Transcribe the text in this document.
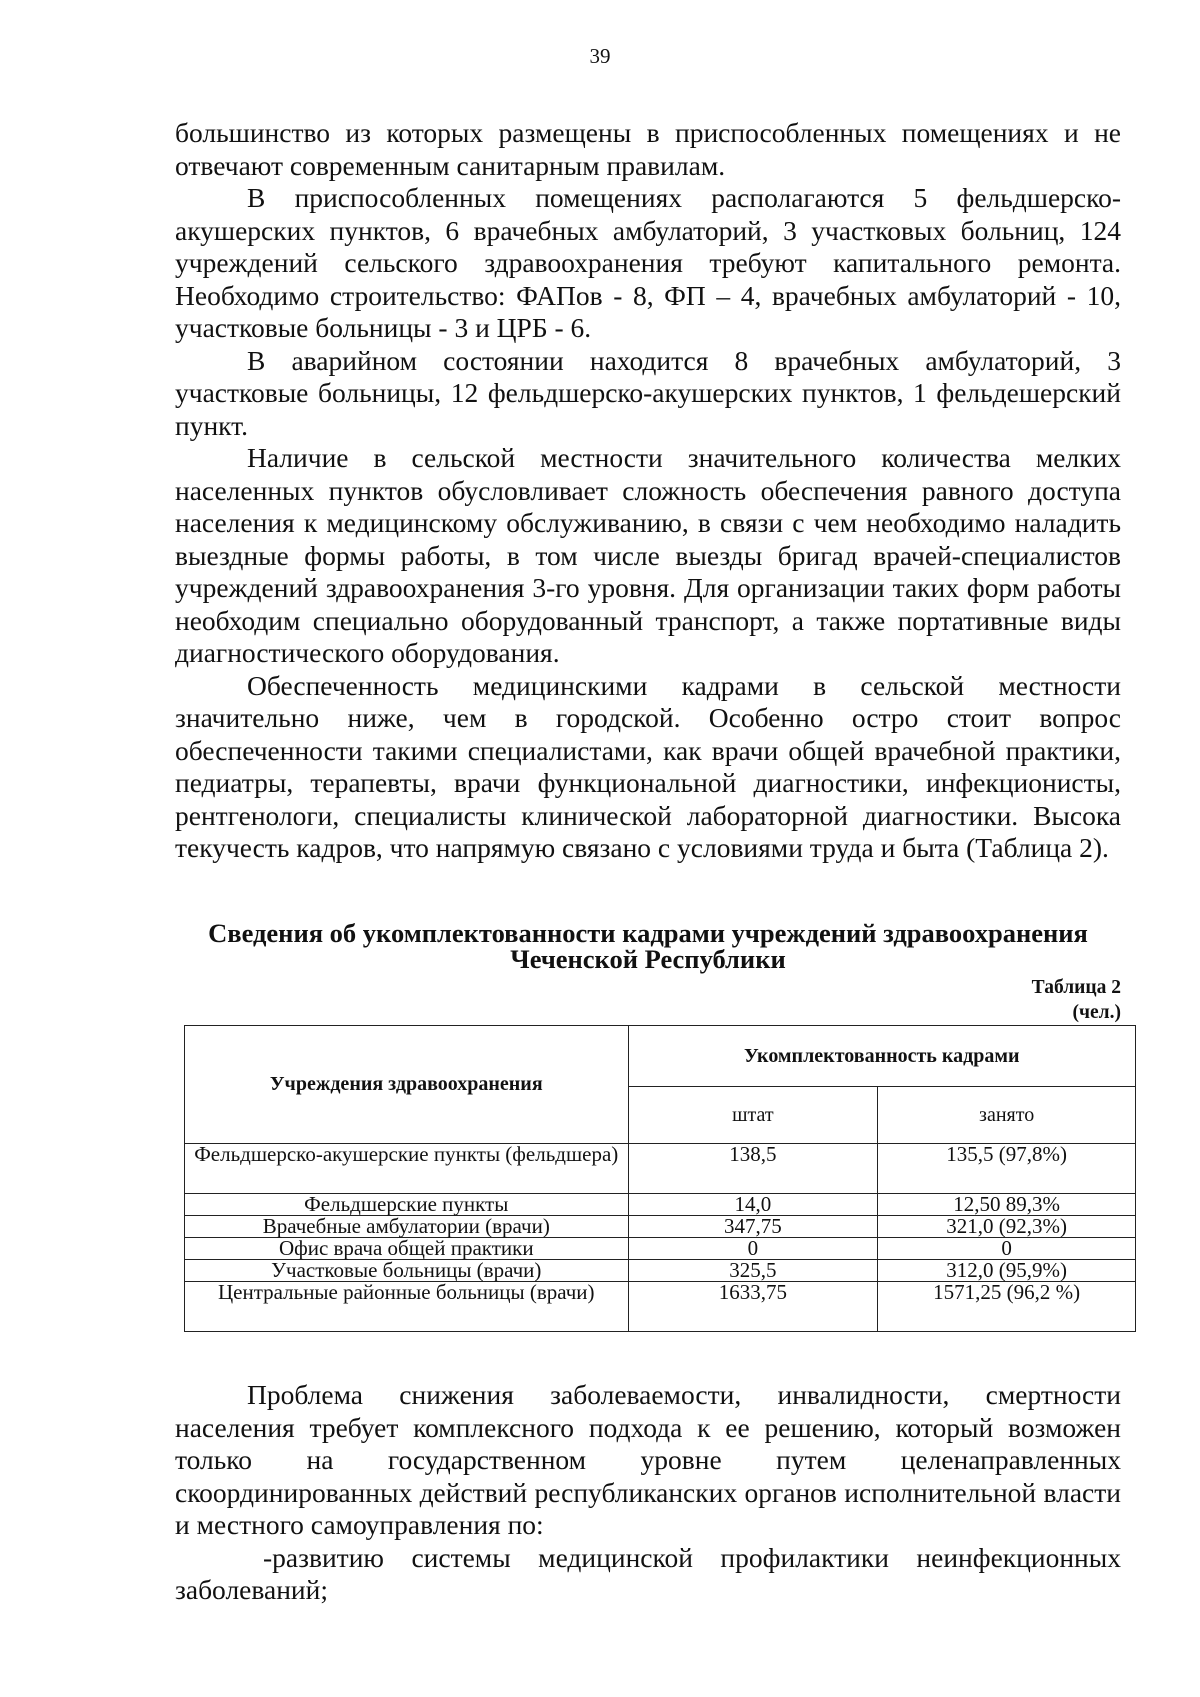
39

большинство из которых размещены в приспособленных помещениях и не отвечают современным санитарным правилам.

В приспособленных помещениях располагаются 5 фельдшерско-акушерских пунктов, 6 врачебных амбулаторий, 3 участковых больниц, 124 учреждений сельского здравоохранения требуют капитального ремонта. Необходимо строительство: ФАПов - 8, ФП – 4, врачебных амбулаторий - 10, участковые больницы - 3 и ЦРБ - 6.

В аварийном состоянии находится 8 врачебных амбулаторий, 3 участковые больницы, 12 фельдшерско-акушерских пунктов, 1 фельдешерский пункт.

Наличие в сельской местности значительного количества мелких населенных пунктов обусловливает сложность обеспечения равного доступа населения к медицинскому обслуживанию, в связи с чем необходимо наладить выездные формы работы, в том числе выезды бригад врачей-специалистов учреждений здравоохранения 3-го уровня. Для организации таких форм работы необходим специально оборудованный транспорт, а также портативные виды диагностического оборудования.

Обеспеченность медицинскими кадрами в сельской местности значительно ниже, чем в городской. Особенно остро стоит вопрос обеспеченности такими специалистами, как врачи общей врачебной практики, педиатры, терапевты, врачи функциональной диагностики, инфекционисты, рентгенологи, специалисты клинической лабораторной диагностики. Высока текучесть кадров, что напрямую связано с условиями труда и быта (Таблица 2).

Сведения об укомплектованности кадрами учреждений здравоохранения Чеченской Республики
Таблица 2
(чел.)
Учреждения здравоохранения	Укомплектованность кадрами	
	штат	занято
Фельдшерско-акушерские пункты (фельдшера)	138,5	135,5 (97,8%)
Фельдшерские пункты	14,0	12,50 89,3%
Врачебные амбулатории (врачи)	347,75	321,0 (92,3%)
Офис врача общей практики	0	0
Участковые больницы (врачи)	325,5	312,0 (95,9%)
Центральные районные больницы (врачи)	1633,75	1571,25 (96,2 %)

Проблема снижения заболеваемости, инвалидности, смертности населения требует комплексного подхода к ее решению, который возможен только на государственном уровне путем целенаправленных скоординированных действий республиканских органов исполнительной власти и местного самоуправления по:

-развитию системы медицинской профилактики неинфекционных заболеваний;
